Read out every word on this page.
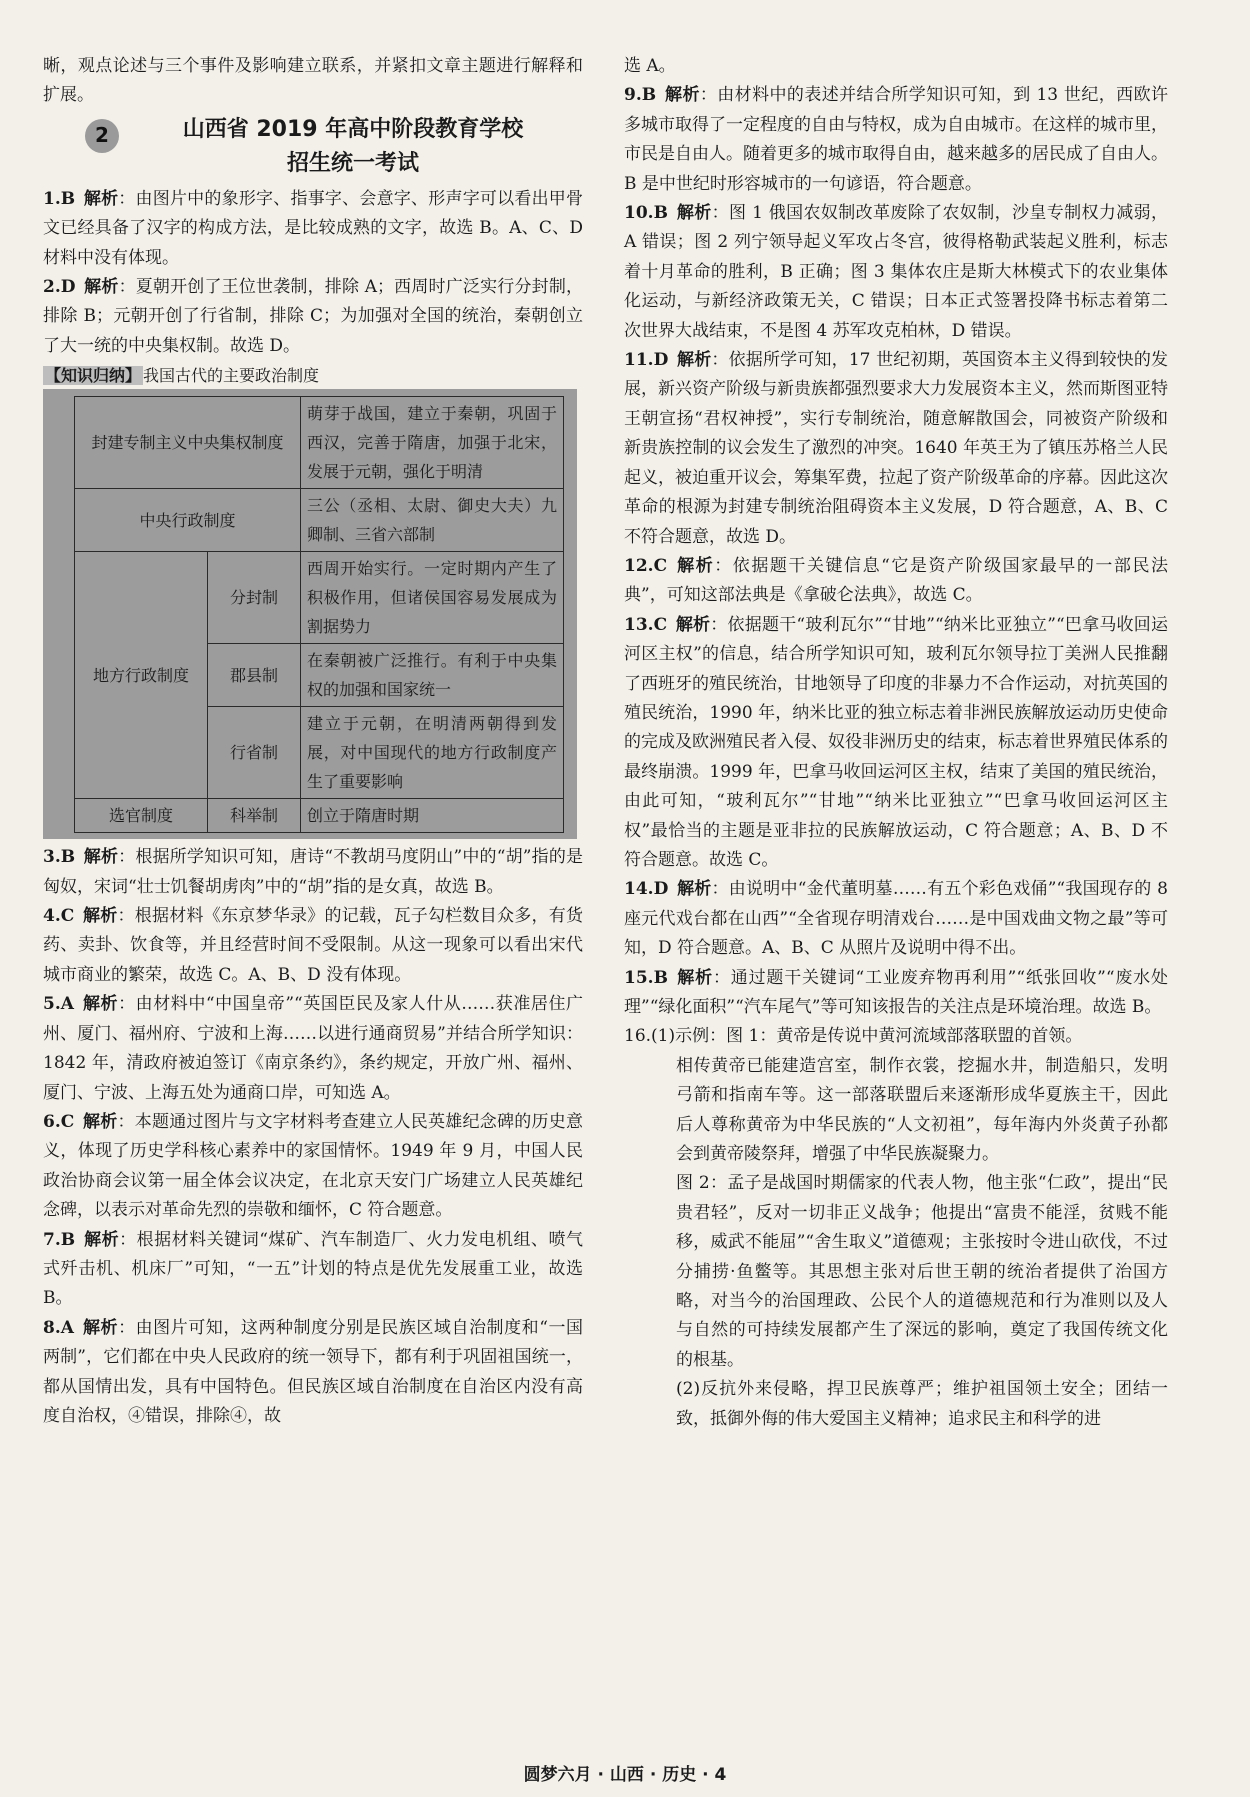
晰，观点论述与三个事件及影响建立联系，并紧扣文章主题进行解释和扩展。

2	山西省 2019 年高中阶段教育学校
招生统一考试

1.B  解析：由图片中的象形字、指事字、会意字、形声字可以看出甲骨文已经具备了汉字的构成方法，是比较成熟的文字，故选 B。A、C、D 材料中没有体现。

2.D  解析：夏朝开创了王位世袭制，排除 A；西周时广泛实行分封制，排除 B；元朝开创了行省制，排除 C；为加强对全国的统治，秦朝创立了大一统的中央集权制。故选 D。

【知识归纳】 我国古代的主要政治制度
封建专制主义中央集权制度		萌芽于战国，建立于秦朝，巩固于西汉，完善于隋唐，加强于北宋，发展于元朝，强化于明清
中央行政制度		三公（丞相、太尉、御史大夫）九卿制、三省六部制
地方行政制度	分封制	西周开始实行。一定时期内产生了积极作用，但诸侯国容易发展成为割据势力
	郡县制	在秦朝被广泛推行。有利于中央集权的加强和国家统一
	行省制	建立于元朝，在明清两朝得到发展，对中国现代的地方行政制度产生了重要影响
选官制度	科举制	创立于隋唐时期

3.B  解析：根据所学知识可知，唐诗“不教胡马度阴山”中的“胡”指的是匈奴，宋词“壮士饥餐胡虏肉”中的“胡”指的是女真，故选 B。

4.C  解析：根据材料《东京梦华录》的记载，瓦子勾栏数目众多，有货药、卖卦、饮食等，并且经营时间不受限制。从这一现象可以看出宋代城市商业的繁荣，故选 C。A、B、D 没有体现。

5.A  解析：由材料中“中国皇帝”“英国臣民及家人什从……获准居住广州、厦门、福州府、宁波和上海……以进行通商贸易”并结合所学知识：1842 年，清政府被迫签订《南京条约》，条约规定，开放广州、福州、厦门、宁波、上海五处为通商口岸，可知选 A。

6.C  解析：本题通过图片与文字材料考查建立人民英雄纪念碑的历史意义，体现了历史学科核心素养中的家国情怀。1949 年 9 月，中国人民政治协商会议第一届全体会议决定，在北京天安门广场建立人民英雄纪念碑，以表示对革命先烈的崇敬和缅怀，C 符合题意。

7.B  解析：根据材料关键词“煤矿、汽车制造厂、火力发电机组、喷气式歼击机、机床厂”可知，“一五”计划的特点是优先发展重工业，故选 B。

8.A  解析：由图片可知，这两种制度分别是民族区域自治制度和“一国两制”，它们都在中央人民政府的统一领导下，都有利于巩固祖国统一，都从国情出发，具有中国特色。但民族区域自治制度在自治区内没有高度自治权，④错误，排除④，故

选 A。

9.B  解析：由材料中的表述并结合所学知识可知，到 13 世纪，西欧许多城市取得了一定程度的自由与特权，成为自由城市。在这样的城市里，市民是自由人。随着更多的城市取得自由，越来越多的居民成了自由人。B 是中世纪时形容城市的一句谚语，符合题意。

10.B  解析：图 1 俄国农奴制改革废除了农奴制，沙皇专制权力减弱，A 错误；图 2 列宁领导起义军攻占冬宫，彼得格勒武装起义胜利，标志着十月革命的胜利，B 正确；图 3 集体农庄是斯大林模式下的农业集体化运动，与新经济政策无关，C 错误；日本正式签署投降书标志着第二次世界大战结束，不是图 4 苏军攻克柏林，D 错误。

11.D  解析：依据所学可知，17 世纪初期，英国资本主义得到较快的发展，新兴资产阶级与新贵族都强烈要求大力发展资本主义，然而斯图亚特王朝宣扬“君权神授”，实行专制统治，随意解散国会，同被资产阶级和新贵族控制的议会发生了激烈的冲突。1640 年英王为了镇压苏格兰人民起义，被迫重开议会，筹集军费，拉起了资产阶级革命的序幕。因此这次革命的根源为封建专制统治阻碍资本主义发展，D 符合题意，A、B、C 不符合题意，故选 D。

12.C  解析：依据题干关键信息“它是资产阶级国家最早的一部民法典”，可知这部法典是《拿破仑法典》，故选 C。

13.C  解析：依据题干“玻利瓦尔”“甘地”“纳米比亚独立”“巴拿马收回运河区主权”的信息，结合所学知识可知，玻利瓦尔领导拉丁美洲人民推翻了西班牙的殖民统治，甘地领导了印度的非暴力不合作运动，对抗英国的殖民统治，1990 年，纳米比亚的独立标志着非洲民族解放运动历史使命的完成及欧洲殖民者入侵、奴役非洲历史的结束，标志着世界殖民体系的最终崩溃。1999 年，巴拿马收回运河区主权，结束了美国的殖民统治，由此可知，“玻利瓦尔”“甘地”“纳米比亚独立”“巴拿马收回运河区主权”最恰当的主题是亚非拉的民族解放运动，C 符合题意；A、B、D 不符合题意。故选 C。

14.D  解析：由说明中“金代董明墓……有五个彩色戏俑”“我国现存的 8 座元代戏台都在山西”“全省现存明清戏台……是中国戏曲文物之最”等可知，D 符合题意。A、B、C 从照片及说明中得不出。

15.B  解析：通过题干关键词“工业废弃物再利用”“纸张回收”“废水处理”“绿化面积”“汽车尾气”等可知该报告的关注点是环境治理。故选 B。

16.(1)示例：图 1：黄帝是传说中黄河流域部落联盟的首领。

相传黄帝已能建造宫室，制作衣裳，挖掘水井，制造船只，发明弓箭和指南车等。这一部落联盟后来逐渐形成华夏族主干，因此后人尊称黄帝为中华民族的“人文初祖”，每年海内外炎黄子孙都会到黄帝陵祭拜，增强了中华民族凝聚力。

图 2：孟子是战国时期儒家的代表人物，他主张“仁政”，提出“民贵君轻”，反对一切非正义战争；他提出“富贵不能淫，贫贱不能移，威武不能屈”“舍生取义”道德观；主张按时令进山砍伐，不过分捕捞·鱼鳖等。其思想主张对后世王朝的统治者提供了治国方略，对当今的治国理政、公民个人的道德规范和行为准则以及人与自然的可持续发展都产生了深远的影响，奠定了我国传统文化的根基。

(2)反抗外来侵略，捍卫民族尊严；维护祖国领土安全；团结一致，抵御外侮的伟大爱国主义精神；追求民主和科学的进

圆梦六月 · 山西 · 历史 · 4
